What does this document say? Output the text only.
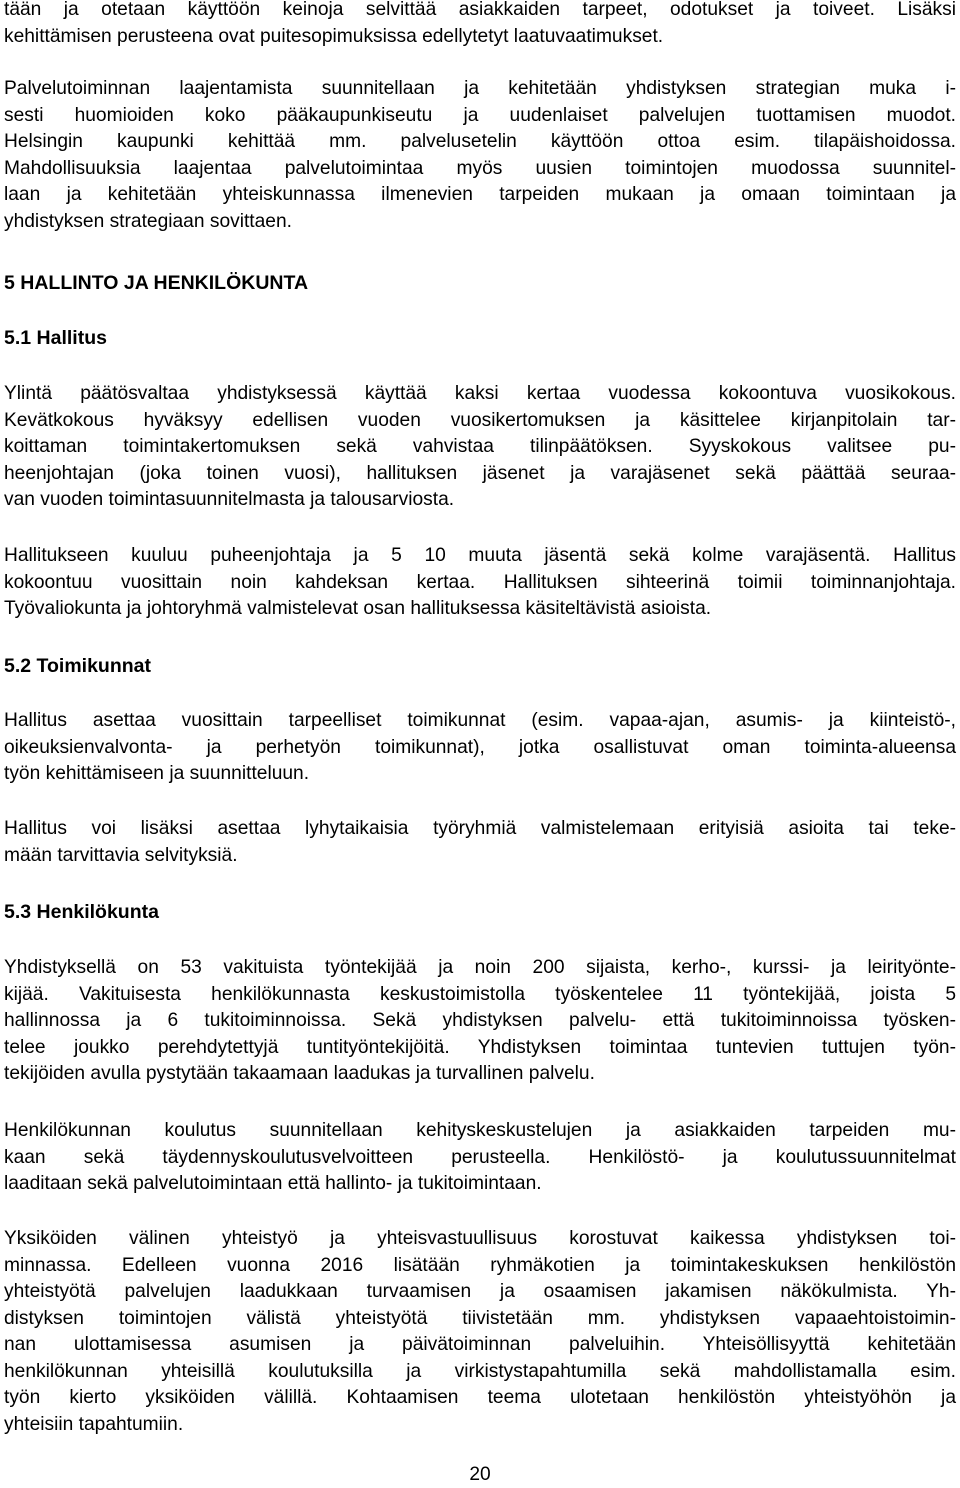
tään ja otetaan käyttöön keinoja selvittää asiakkaiden tarpeet, odotukset ja toiveet. Lisäksi
kehittämisen perusteena ovat puitesopimuksissa edellytetyt laatuvaatimukset.
Palvelutoiminnan laajentamista suunnitellaan ja kehitetään yhdistyksen strategian muka i-
sesti huomioiden koko pääkaupunkiseutu ja uudenlaiset palvelujen tuottamisen muodot.
Helsingin kaupunki kehittää mm. palvelusetelin käyttöön ottoa esim. tilapäishoidossa.
Mahdollisuuksia laajentaa palvelutoimintaa myös uusien toimintojen muodossa suunnitel-
laan ja kehitetään yhteiskunnassa ilmenevien tarpeiden mukaan ja omaan toimintaan ja
yhdistyksen strategiaan sovittaen.
5 HALLINTO JA HENKILÖKUNTA
5.1 Hallitus
Ylintä päätösvaltaa yhdistyksessä käyttää kaksi kertaa vuodessa kokoontuva vuosikokous.
Kevätkokous hyväksyy edellisen vuoden vuosikertomuksen ja käsittelee kirjanpitolain tar-
koittaman toimintakertomuksen sekä vahvistaa tilinpäätöksen. Syyskokous valitsee pu-
heenjohtajan (joka toinen vuosi), hallituksen jäsenet ja varajäsenet sekä päättää seuraa-
van vuoden toimintasuunnitelmasta ja talousarviosta.
Hallitukseen kuuluu puheenjohtaja ja 5 10 muuta jäsentä sekä kolme varajäsentä. Hallitus
kokoontuu vuosittain noin kahdeksan kertaa. Hallituksen sihteerinä toimii toiminnanjohtaja.
Työvaliokunta ja johtoryhmä valmistelevat osan hallituksessa käsiteltävistä asioista.
5.2 Toimikunnat
Hallitus asettaa vuosittain tarpeelliset toimikunnat (esim. vapaa-ajan, asumis- ja kiinteistö-,
oikeuksienvalvonta- ja perhetyön toimikunnat), jotka osallistuvat oman toiminta-alueensa
työn kehittämiseen ja suunnitteluun.
Hallitus voi lisäksi asettaa lyhytaikaisia työryhmiä valmistelemaan erityisiä asioita tai teke-
mään tarvittavia selvityksiä.
5.3 Henkilökunta
Yhdistyksellä on 53 vakituista työntekijää ja noin 200 sijaista, kerho-, kurssi- ja leirityönte-
kijää. Vakituisesta henkilökunnasta keskustoimistolla työskentelee 11 työntekijää, joista 5
hallinnossa ja 6 tukitoiminnoissa. Sekä yhdistyksen palvelu- että tukitoiminnoissa työsken-
telee joukko perehdytettyjä tuntityöntekijöitä. Yhdistyksen toimintaa tuntevien tuttujen työn-
tekijöiden avulla pystytään takaamaan laadukas ja turvallinen palvelu.
Henkilökunnan koulutus suunnitellaan kehityskeskustelujen ja asiakkaiden tarpeiden mu-
kaan sekä täydennyskoulutusvelvoitteen perusteella. Henkilöstö- ja koulutussuunnitelmat
laaditaan sekä palvelutoimintaan että hallinto- ja tukitoimintaan.
Yksiköiden välinen yhteistyö ja yhteisvastuullisuus korostuvat kaikessa yhdistyksen toi-
minnassa. Edelleen vuonna 2016 lisätään ryhmäkotien ja toimintakeskuksen henkilöstön
yhteistyötä palvelujen laadukkaan turvaamisen ja osaamisen jakamisen näkökulmista. Yh-
distyksen toimintojen välistä yhteistyötä tiivistetään mm. yhdistyksen vapaaehtoistoimin-
nan ulottamisessa asumisen ja päivätoiminnan palveluihin. Yhteisöllisyyttä kehitetään
henkilökunnan yhteisillä koulutuksilla ja virkistystapahtumilla sekä mahdollistamalla esim.
työn kierto yksiköiden välillä. Kohtaamisen teema ulotetaan henkilöstön yhteistyöhön ja
yhteisiin tapahtumiin.
20
